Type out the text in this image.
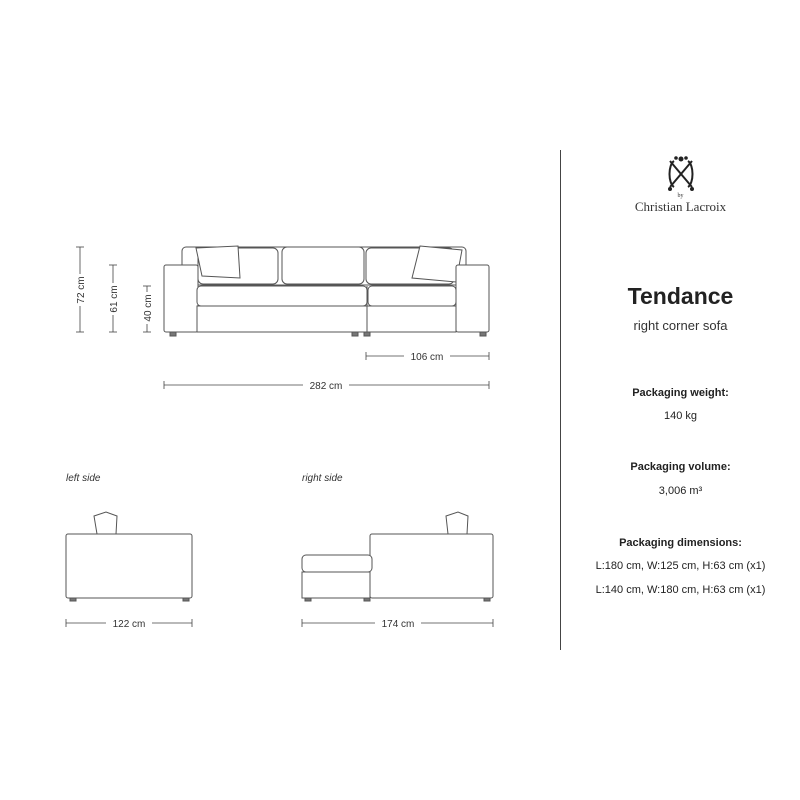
72 cm 61 cm 40 cm
106 cm
282 cm
122 cm	174 cm
left side	right side
by
Christian Lacroix
Tendance
right corner sofa
Packaging weight:
140 kg
Packaging volume:
3,006 m³
Packaging dimensions:
L:180 cm, W:125 cm, H:63 cm (x1)
L:140 cm, W:180 cm, H:63 cm (x1)
